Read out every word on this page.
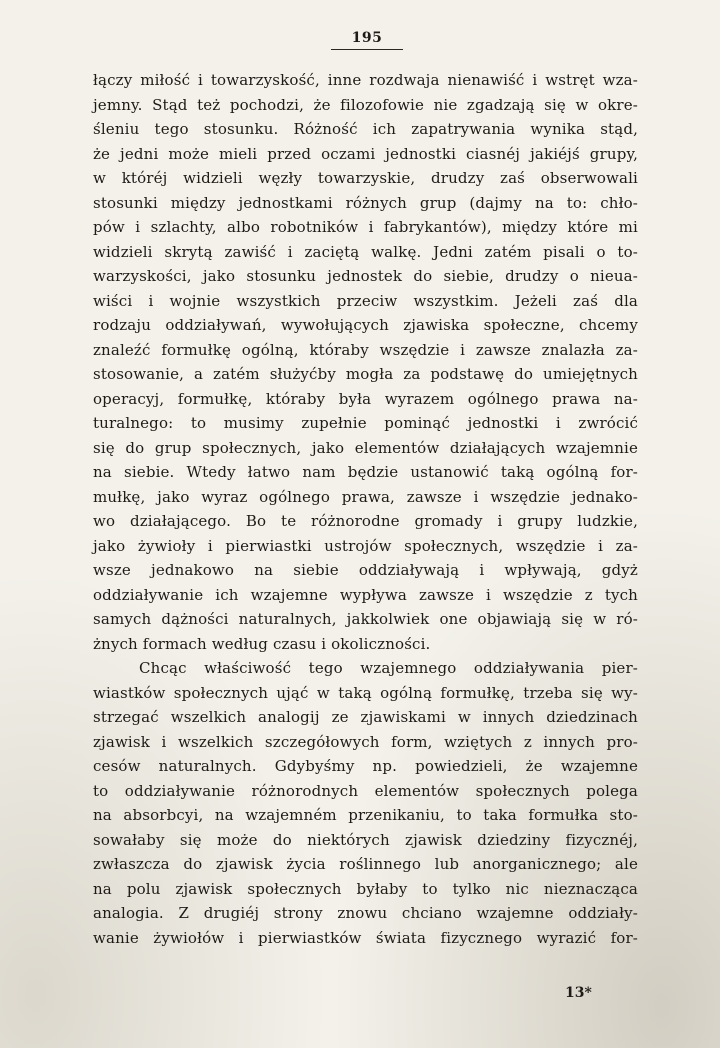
195
łączy miłość i towarzyskość, inne rozdwaja nienawiść i wstręt wza-
jemny. Stąd też pochodzi, że filozofowie nie zgadzają się w okre-
śleniu tego stosunku. Różność ich zapatrywania wynika stąd,
że jedni może mieli przed oczami jednostki ciasnéj jakiéjś grupy,
w któréj widzieli węzły towarzyskie, drudzy zaś obserwowali
stosunki między jednostkami różnych grup (dajmy na to: chło-
pów i szlachty, albo robotników i fabrykantów), między które mi
widzieli skrytą zawiść i zaciętą walkę. Jedni zatém pisali o to-
warzyskości, jako stosunku jednostek do siebie, drudzy o nieua-
wiści i wojnie wszystkich przeciw wszystkim. Jeżeli zaś dla
rodzaju oddziaływań, wywołujących zjawiska społeczne, chcemy
znaleźć formułkę ogólną, któraby wszędzie i zawsze znalazła za-
stosowanie, a zatém służyćby mogła za podstawę do umiejętnych
operacyj, formułkę, któraby była wyrazem ogólnego prawa na-
turalnego: to musimy zupełnie pominąć jednostki i zwrócić
się do grup społecznych, jako elementów działających wzajemnie
na siebie. Wtedy łatwo nam będzie ustanowić taką ogólną for-
mułkę, jako wyraz ogólnego prawa, zawsze i wszędzie jednako-
wo działającego. Bo te różnorodne gromady i grupy ludzkie,
jako żywioły i pierwiastki ustrojów społecznych, wszędzie i za-
wsze jednakowo na siebie oddziaływają i wpływają, gdyż
oddziaływanie ich wzajemne wypływa zawsze i wszędzie z tych
samych dążności naturalnych, jakkolwiek one objawiają się w ró-
żnych formach według czasu i okoliczności.
Chcąc właściwość tego wzajemnego oddziaływania pier-
wiastków społecznych ująć w taką ogólną formułkę, trzeba się wy-
strzegać wszelkich analogij ze zjawiskami w innych dziedzinach
zjawisk i wszelkich szczegółowych form, wziętych z innych pro-
cesów naturalnych. Gdybyśmy np. powiedzieli, że wzajemne
to oddziaływanie różnorodnych elementów społecznych polega
na absorbcyi, na wzajemném przenikaniu, to taka formułka sto-
sowałaby się może do niektórych zjawisk dziedziny fizycznéj,
zwłaszcza do zjawisk życia roślinnego lub anorganicznego; ale
na polu zjawisk społecznych byłaby to tylko nic nieznacząca
analogia. Z drugiéj strony znowu chciano wzajemne oddziały-
wanie żywiołów i pierwiastków świata fizycznego wyrazić for-
13*
